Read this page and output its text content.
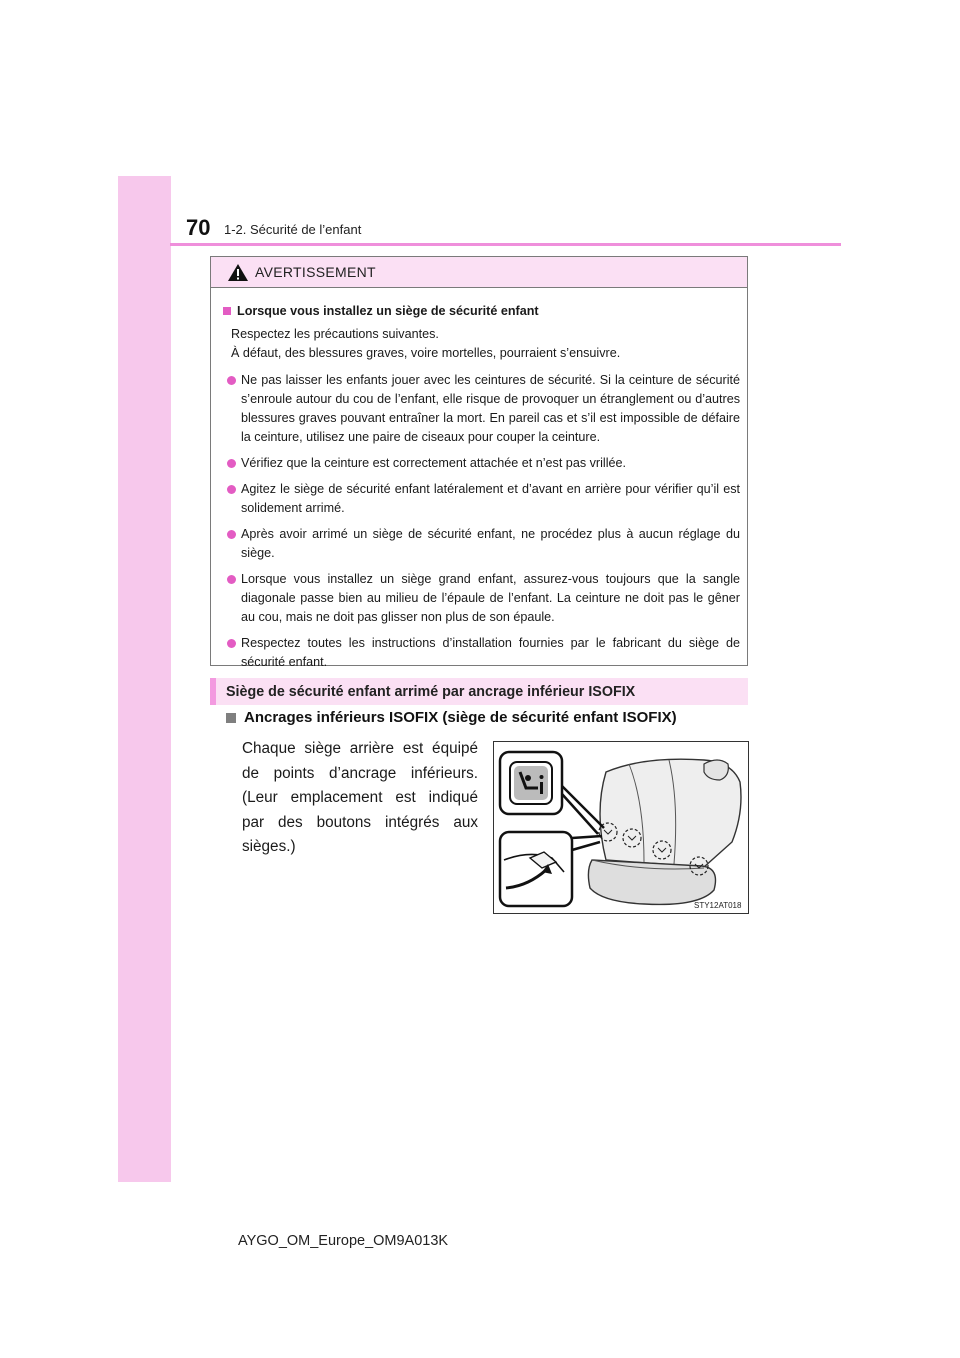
70 1-2. Sécurité de l’enfant
AVERTISSEMENT
Lorsque vous installez un siège de sécurité enfant

Respectez les précautions suivantes.

À défaut, des blessures graves, voire mortelles, pourraient s’ensuivre.

Ne pas laisser les enfants jouer avec les ceintures de sécurité. Si la ceinture de sécurité s’enroule autour du cou de l’enfant, elle risque de provoquer un étranglement ou d’autres blessures graves pouvant entraîner la mort. En pareil cas et s’il est impossible de défaire la ceinture, utilisez une paire de ciseaux pour couper la ceinture.
Vérifiez que la ceinture est correctement attachée et n’est pas vrillée.
Agitez le siège de sécurité enfant latéralement et d’avant en arrière pour vérifier qu’il est solidement arrimé.
Après avoir arrimé un siège de sécurité enfant, ne procédez plus à aucun réglage du siège.
Lorsque vous installez un siège grand enfant, assurez-vous toujours que la sangle diagonale passe bien au milieu de l’épaule de l’enfant. La ceinture ne doit pas le gêner au cou, mais ne doit pas glisser non plus de son épaule.
Respectez toutes les instructions d’installation fournies par le fabricant du siège de sécurité enfant.
Siège de sécurité enfant arrimé par ancrage inférieur ISOFIX
Ancrages inférieurs ISOFIX (siège de sécurité enfant ISOFIX)

Chaque siège arrière est équipé de points d’ancrage inférieurs. (Leur emplacement est indiqué par des boutons intégrés aux sièges.)

STY12AT018
AYGO_OM_Europe_OM9A013K
